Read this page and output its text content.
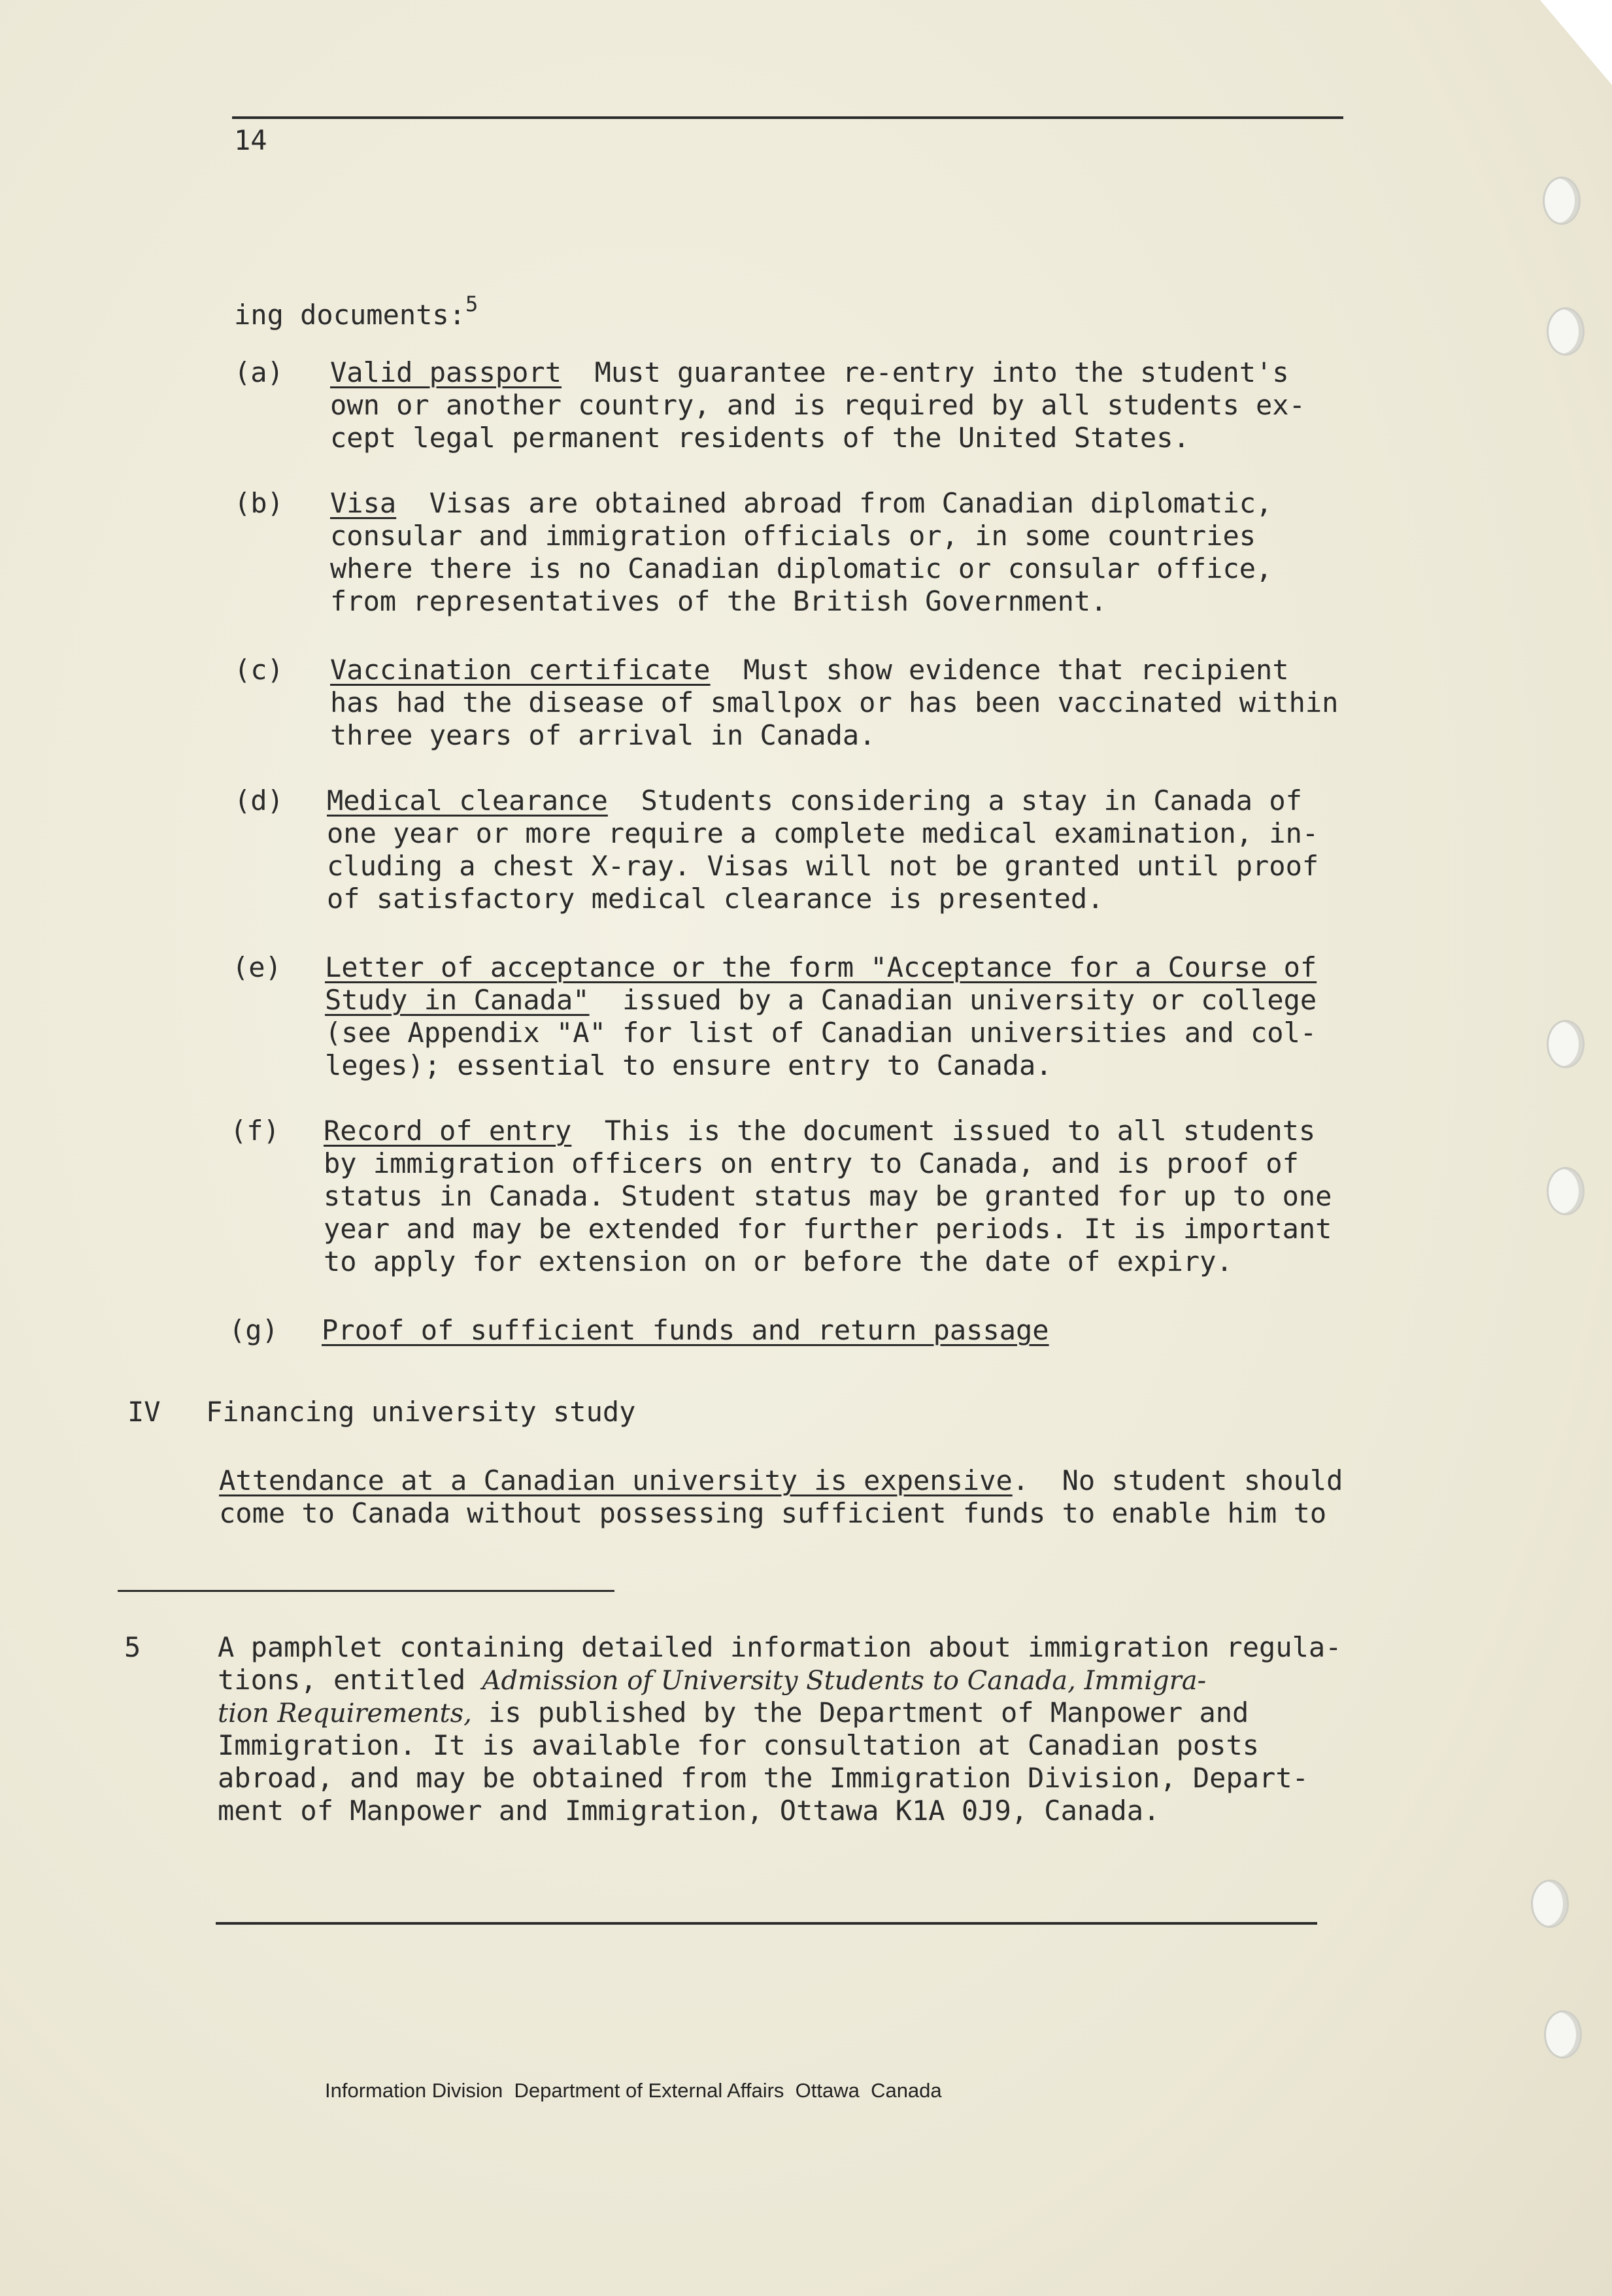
14
ing documents:$^5$
(a) Valid passport Must guarantee re-entry into the student's
own or another country, and is required by all students ex-
cept legal permanent residents of the United States.
(b) Visa Visas are obtained abroad from Canadian diplomatic,
consular and immigration officials or, in some countries
where there is no Canadian diplomatic or consular office,
from representatives of the British Government.
(c) Vaccination certificate Must show evidence that recipient
has had the disease of smallpox or has been vaccinated within
three years of arrival in Canada.
(d) Medical clearance Students considering a stay in Canada of
one year or more require a complete medical examination, in-
cluding a chest X-ray. Visas will not be granted until proof
of satisfactory medical clearance is presented.
(e) Letter of acceptance or the form "Acceptance for a Course of
Study in Canada" issued by a Canadian university or college
(see Appendix "A" for list of Canadian universities and col-
leges); essential to ensure entry to Canada.
(f) Record of entry This is the document issued to all students
by immigration officers on entry to Canada, and is proof of
status in Canada. Student status may be granted for up to one
year and may be extended for further periods. It is important
to apply for extension on or before the date of expiry.
(g) Proof of sufficient funds and return passage
IV Financing university study
Attendance at a Canadian university is expensive.  No student should
come to Canada without possessing sufficient funds to enable him to
5	A pamphlet containing detailed information about immigration regula-
tions, entitled Admission of University Students to Canada, Immigra-
tion Requirements, is published by the Department of Manpower and
Immigration. It is available for consultation at Canadian posts
abroad, and may be obtained from the Immigration Division, Depart-
ment of Manpower and Immigration, Ottawa K1A 0J9, Canada.
Information Division  Department of External Affairs  Ottawa  Canada
